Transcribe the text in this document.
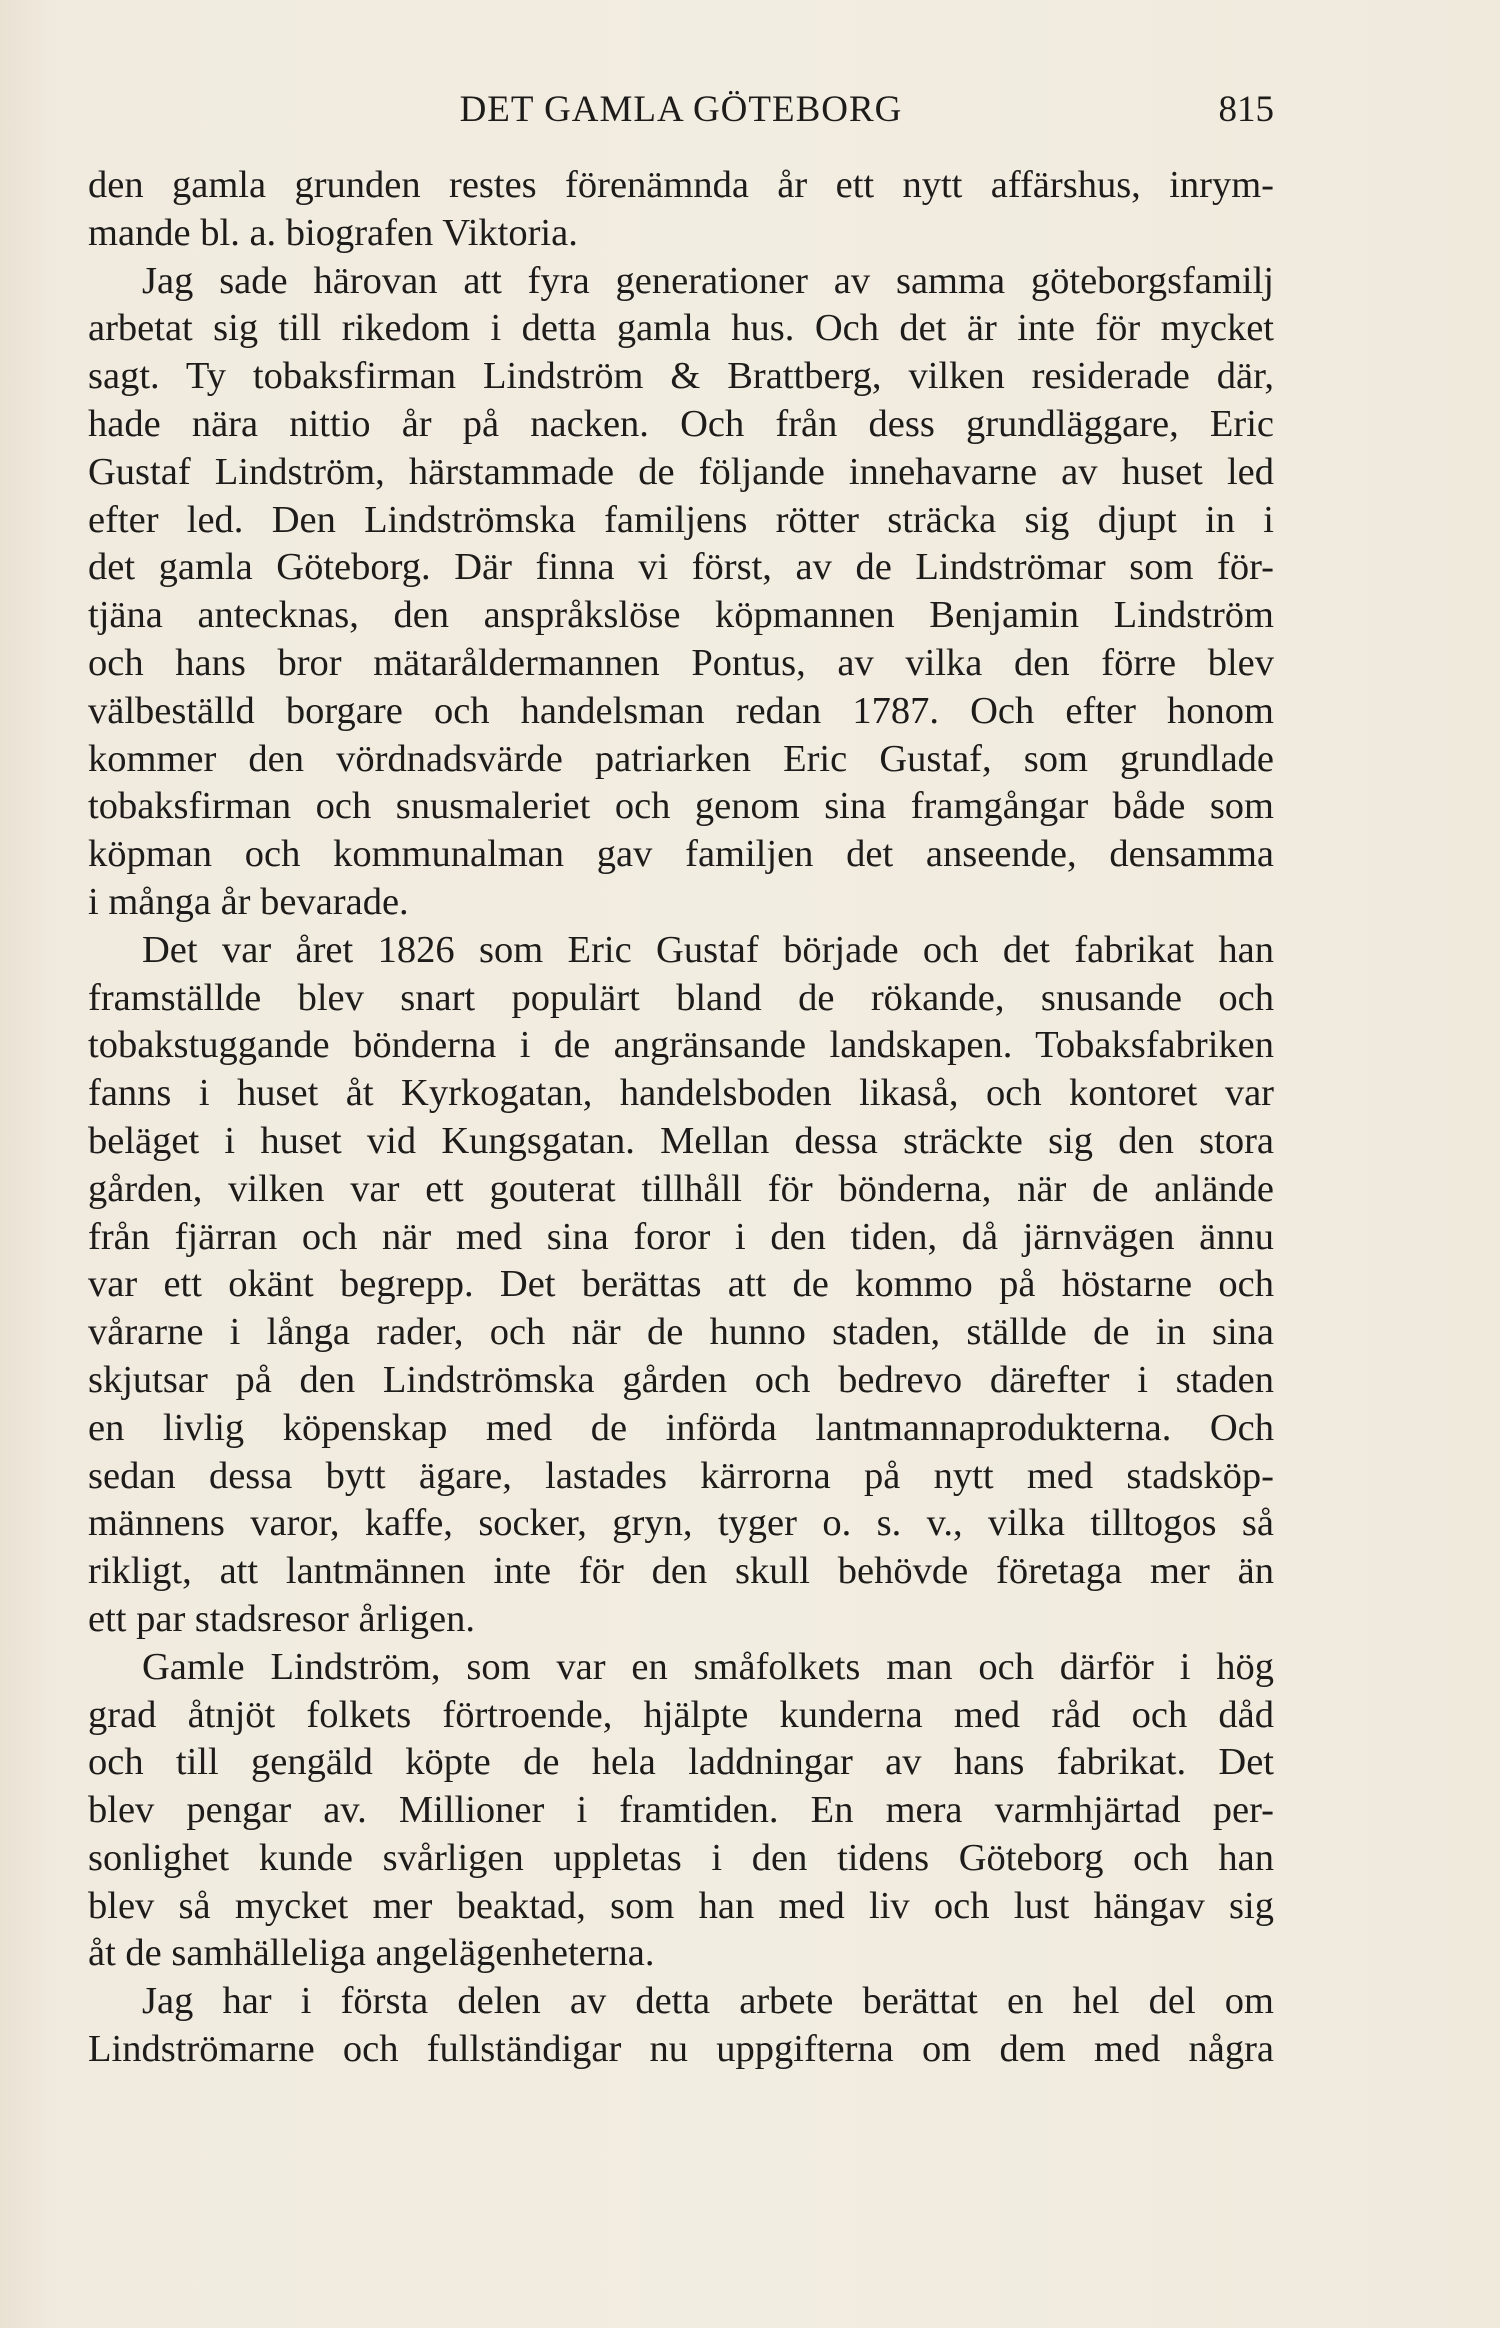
DET GAMLA GÖTEBORG	815
den gamla grunden restes förenämnda år ett nytt affärshus, inrym-
mande bl. a. biografen Viktoria.
Jag sade härovan att fyra generationer av samma göteborgsfamilj
arbetat sig till rikedom i detta gamla hus. Och det är inte för mycket
sagt. Ty tobaksfirman Lindström & Brattberg, vilken residerade där,
hade nära nittio år på nacken. Och från dess grundläggare, Eric
Gustaf Lindström, härstammade de följande innehavarne av huset led
efter led. Den Lindströmska familjens rötter sträcka sig djupt in i
det gamla Göteborg. Där finna vi först, av de Lindströmar som för-
tjäna antecknas, den anspråkslöse köpmannen Benjamin Lindström
och hans bror mätaråldermannen Pontus, av vilka den förre blev
välbeställd borgare och handelsman redan 1787. Och efter honom
kommer den vördnadsvärde patriarken Eric Gustaf, som grundlade
tobaksfirman och snusmaleriet och genom sina framgångar både som
köpman och kommunalman gav familjen det anseende, densamma
i många år bevarade.
Det var året 1826 som Eric Gustaf började och det fabrikat han
framställde blev snart populärt bland de rökande, snusande och
tobakstuggande bönderna i de angränsande landskapen. Tobaksfabriken
fanns i huset åt Kyrkogatan, handelsboden likaså, och kontoret var
beläget i huset vid Kungsgatan. Mellan dessa sträckte sig den stora
gården, vilken var ett gouterat tillhåll för bönderna, när de anlände
från fjärran och när med sina foror i den tiden, då järnvägen ännu
var ett okänt begrepp. Det berättas att de kommo på höstarne och
vårarne i långa rader, och när de hunno staden, ställde de in sina
skjutsar på den Lindströmska gården och bedrevo därefter i staden
en livlig köpenskap med de införda lantmannaprodukterna. Och
sedan dessa bytt ägare, lastades kärrorna på nytt med stadsköp-
männens varor, kaffe, socker, gryn, tyger o. s. v., vilka tilltogos så
rikligt, att lantmännen inte för den skull behövde företaga mer än
ett par stadsresor årligen.
Gamle Lindström, som var en småfolkets man och därför i hög
grad åtnjöt folkets förtroende, hjälpte kunderna med råd och dåd
och till gengäld köpte de hela laddningar av hans fabrikat. Det
blev pengar av. Millioner i framtiden. En mera varmhjärtad per-
sonlighet kunde svårligen uppletas i den tidens Göteborg och han
blev så mycket mer beaktad, som han med liv och lust hängav sig
åt de samhälleliga angelägenheterna.
Jag har i första delen av detta arbete berättat en hel del om
Lindströmarne och fullständigar nu uppgifterna om dem med några
